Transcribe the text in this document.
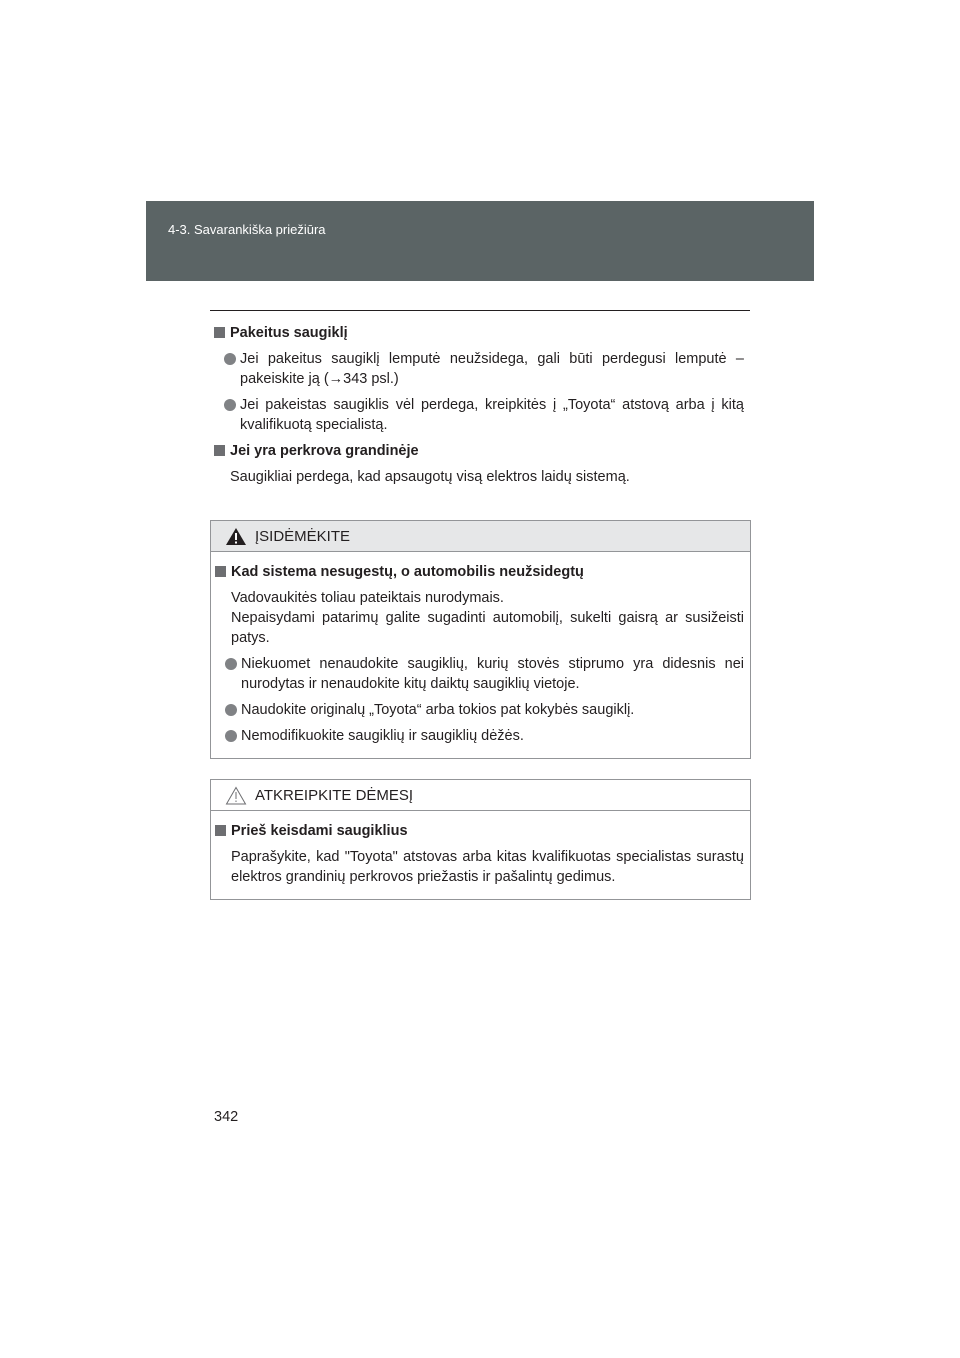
4-3. Savarankiška priežiūra
Pakeitus saugiklį
Jei pakeitus saugiklį lemputė neužsidega, gali būti perdegusi lemputė – pakeiskite ją (→343 psl.)
Jei pakeistas saugiklis vėl perdega, kreipkitės į „Toyota“ atstovą arba į kitą kvalifikuotą specialistą.
Jei yra perkrova grandinėje
Saugikliai perdega, kad apsaugotų visą elektros laidų sistemą.
ĮSIDĖMĖKITE
Kad sistema nesugestų, o automobilis neužsidegtų
Vadovaukitės toliau pateiktais nurodymais.
Nepaisydami patarimų galite sugadinti automobilį, sukelti gaisrą ar susižeisti patys.
Niekuomet nenaudokite saugiklių, kurių stovės stiprumo yra didesnis nei nurodytas ir nenaudokite kitų daiktų saugiklių vietoje.
Naudokite originalų „Toyota“ arba tokios pat kokybės saugiklį.
Nemodifikuokite saugiklių ir saugiklių dėžės.
ATKREIPKITE DĖMESĮ
Prieš keisdami saugiklius
Paprašykite, kad "Toyota" atstovas arba kitas kvalifikuotas specialistas surastų elektros grandinių perkrovos priežastis ir pašalintų gedimus.
342
